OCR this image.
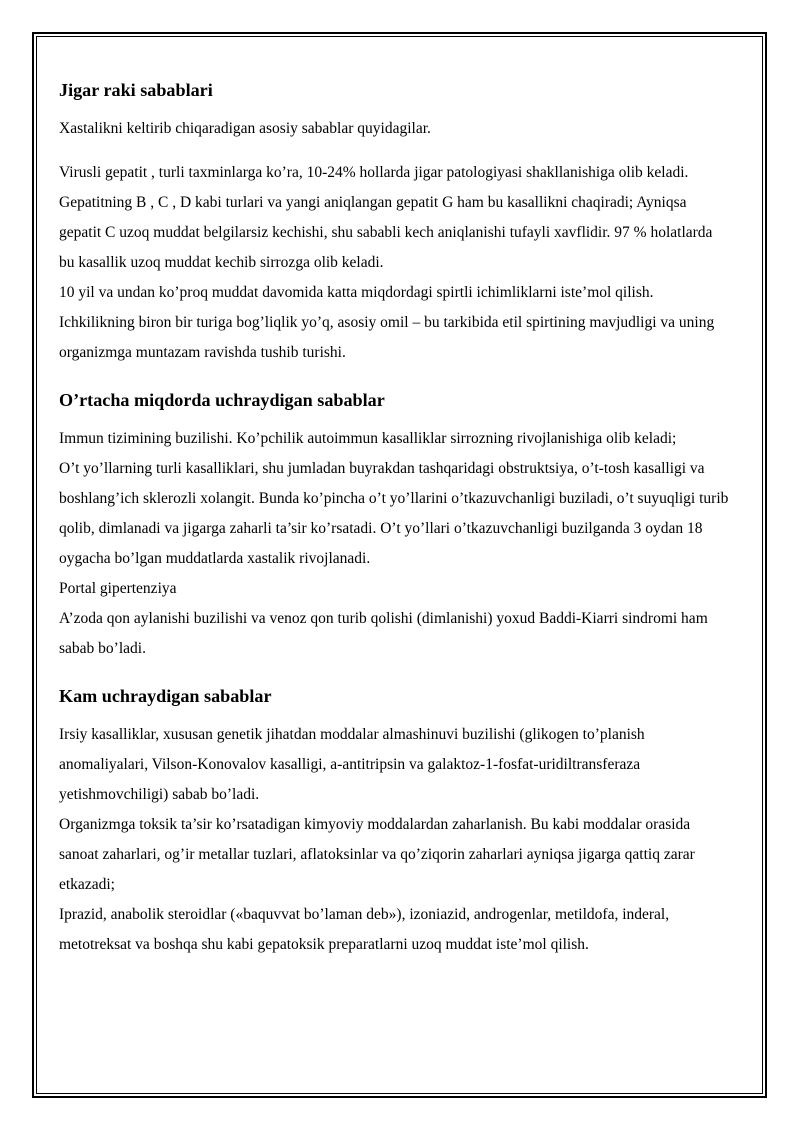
Jigar raki sabablari

Xastalikni keltirib chiqaradigan asosiy sabablar quyidagilar.

Virusli gepatit , turli taxminlarga ko’ra, 10-24% hollarda jigar patologiyasi shakllanishiga olib keladi. Gepatitning B , C , D kabi turlari va yangi aniqlangan gepatit G ham bu kasallikni chaqiradi; Ayniqsa gepatit C uzoq muddat belgilarsiz kechishi, shu sababli kech aniqlanishi tufayli xavflidir. 97 % holatlarda bu kasallik uzoq muddat kechib sirrozga olib keladi.
10 yil va undan ko’proq muddat davomida katta miqdordagi spirtli ichimliklarni iste’mol qilish. Ichkilikning biron bir turiga bog’liqlik yo’q, asosiy omil – bu tarkibida etil spirtining mavjudligi va uning organizmga muntazam ravishda tushib turishi.
O’rtacha miqdorda uchraydigan sabablar
Immun tizimining buzilishi. Ko’pchilik autoimmun kasalliklar sirrozning rivojlanishiga olib keladi;
O’t yo’llarning turli kasalliklari, shu jumladan buyrakdan tashqaridagi obstruktsiya, o’t-tosh kasalligi va boshlang’ich sklerozli xolangit. Bunda ko’pincha o’t yo’llarini o’tkazuvchanligi buziladi, o’t suyuqligi turib qolib, dimlanadi va jigarga zaharli ta’sir ko’rsatadi. O’t yo’llari o’tkazuvchanligi buzilganda 3 oydan 18 oygacha bo’lgan muddatlarda xastalik rivojlanadi.
Portal gipertenziya
A’zoda qon aylanishi buzilishi va venoz qon turib qolishi (dimlanishi) yoxud Baddi-Kiarri sindromi ham sabab bo’ladi.
Kam uchraydigan sabablar
Irsiy kasalliklar, xususan genetik jihatdan moddalar almashinuvi buzilishi (glikogen to’planish anomaliyalari, Vilson-Konovalov kasalligi, a-antitripsin va galaktoz-1-fosfat-uridiltransferaza yetishmovchiligi) sabab bo’ladi.
Organizmga toksik ta’sir ko’rsatadigan kimyoviy moddalardan zaharlanish. Bu kabi moddalar orasida sanoat zaharlari, og’ir metallar tuzlari, aflatoksinlar va qo’ziqorin zaharlari ayniqsa jigarga qattiq zarar etkazadi;
Iprazid, anabolik steroidlar («baquvvat bo’laman deb»), izoniazid, androgenlar, metildofa, inderal, metotreksat va boshqa shu kabi gepatoksik preparatlarni uzoq muddat iste’mol qilish.
